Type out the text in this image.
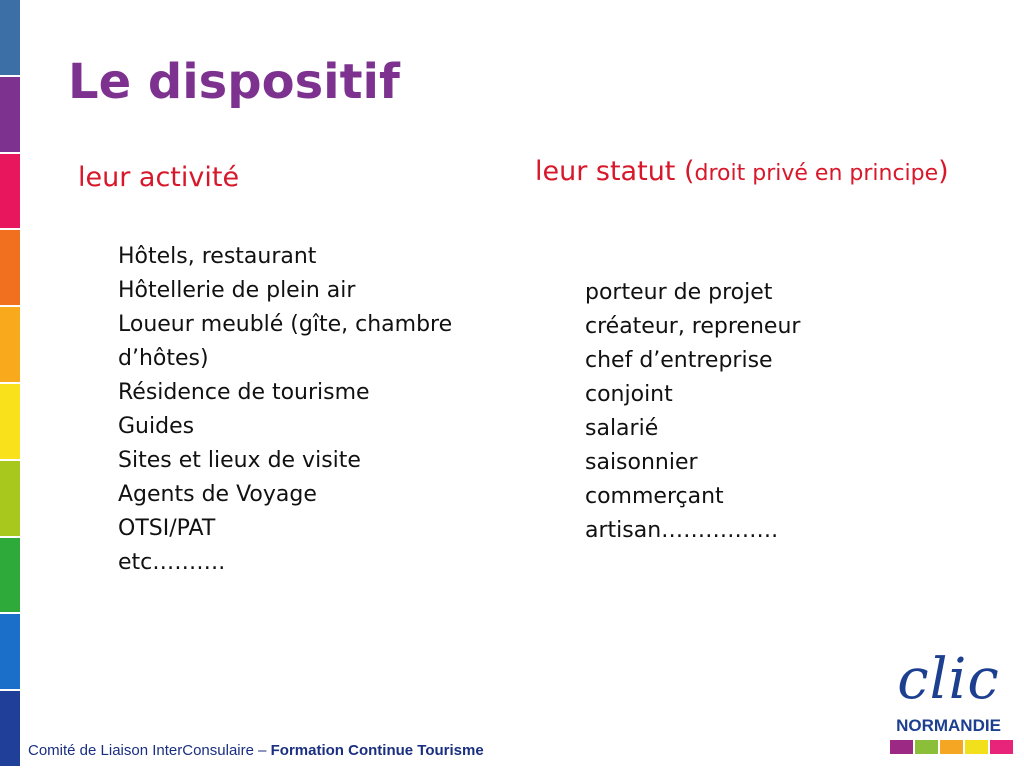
Le dispositif
leur activité	leur statut (droit privé en principe)
Hôtels, restaurant
Hôtellerie de plein air
Loueur meublé (gîte, chambre
d’hôtes)
Résidence de tourisme
Guides
Sites et lieux de visite
Agents de Voyage
OTSI/PAT
etc……….
porteur de projet
créateur, repreneur
chef d’entreprise
conjoint
salarié
saisonnier
commerçant
artisan…………….
Comité de Liaison InterConsulaire – Formation Continue Tourisme
clic
NORMANDIE
